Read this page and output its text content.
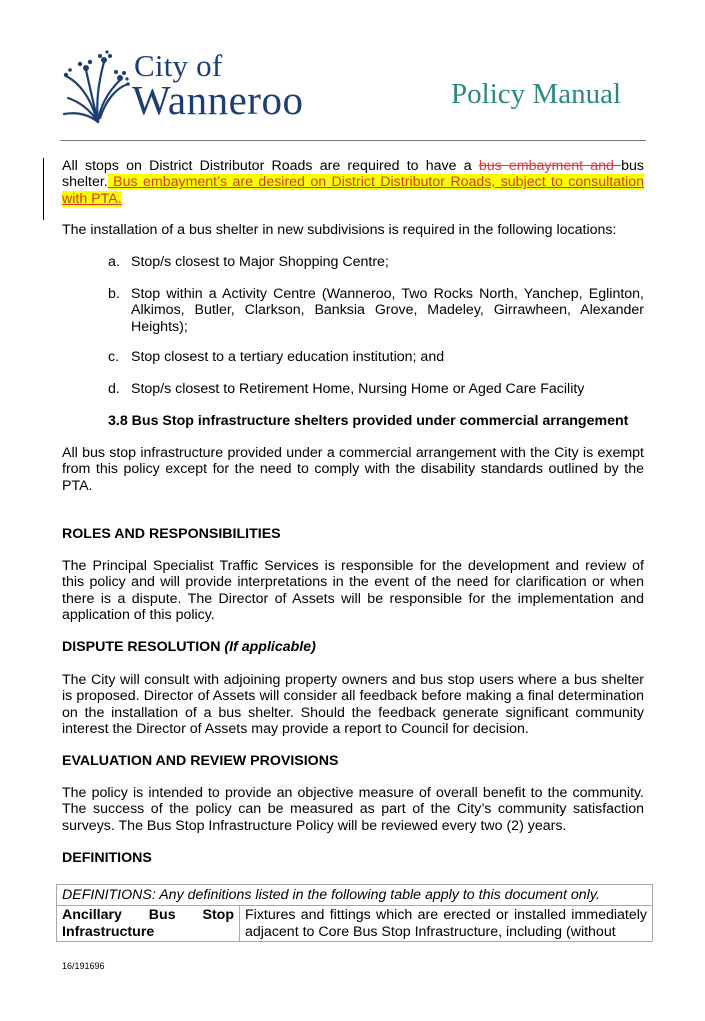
City of
Wanneroo	Policy Manual
All stops on District Distributor Roads are required to have a bus embayment and bus shelter. Bus embayment’s are desired on District Distributor Roads, subject to consultation with PTA.
The installation of a bus shelter in new subdivisions is required in the following locations:
a. Stop/s closest to Major Shopping Centre;
b. Stop within a Activity Centre (Wanneroo, Two Rocks North, Yanchep, Eglinton, Alkimos, Butler, Clarkson, Banksia Grove, Madeley, Girrawheen, Alexander Heights);
c. Stop closest to a tertiary education institution; and
d. Stop/s closest to Retirement Home, Nursing Home or Aged Care Facility
3.8 Bus Stop infrastructure shelters provided under commercial arrangement
All bus stop infrastructure provided under a commercial arrangement with the City is exempt from this policy except for the need to comply with the disability standards outlined by the PTA.
ROLES AND RESPONSIBILITIES
The Principal Specialist Traffic Services is responsible for the development and review of this policy and will provide interpretations in the event of the need for clarification or when there is a dispute. The Director of Assets will be responsible for the implementation and application of this policy.
DISPUTE RESOLUTION (If applicable)
The City will consult with adjoining property owners and bus stop users where a bus shelter is proposed. Director of Assets will consider all feedback before making a final determination on the installation of a bus shelter. Should the feedback generate significant community interest the Director of Assets may provide a report to Council for decision.
EVALUATION AND REVIEW PROVISIONS
The policy is intended to provide an objective measure of overall benefit to the community. The success of the policy can be measured as part of the City’s community satisfaction surveys. The Bus Stop Infrastructure Policy will be reviewed every two (2) years.
DEFINITIONS
DEFINITIONS: Any definitions listed in the following table apply to this document only.
Ancillary Bus Stop Infrastructure	Fixtures and fittings which are erected or installed immediately adjacent to Core Bus Stop Infrastructure, including (without
16/191696
